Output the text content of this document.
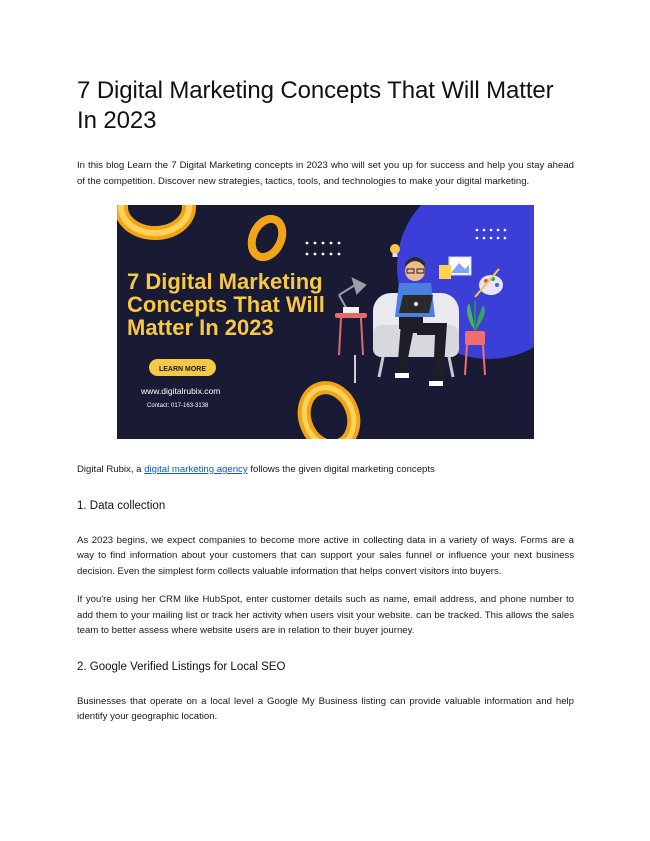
7 Digital Marketing Concepts That Will Matter In 2023

In this blog Learn the 7 Digital Marketing concepts in 2023 who will set you up for success and help you stay ahead of the competition. Discover new strategies, tactics, tools, and technologies to make your digital marketing.

7 Digital Marketing
Concepts That Will
Matter In 2023
LEARN MORE
www.digitalrubix.com
Contact: 017-163-3138

Digital Rubix, a digital marketing agency follows the given digital marketing concepts

1. Data collection

As 2023 begins, we expect companies to become more active in collecting data in a variety of ways. Forms are a way to find information about your customers that can support your sales funnel or influence your next business decision. Even the simplest form collects valuable information that helps convert visitors into buyers.

If you're using her CRM like HubSpot, enter customer details such as name, email address, and phone number to add them to your mailing list or track her activity when users visit your website. can be tracked. This allows the sales team to better assess where website users are in relation to their buyer journey.

2. Google Verified Listings for Local SEO

Businesses that operate on a local level a Google My Business listing can provide valuable information and help identify your geographic location.
